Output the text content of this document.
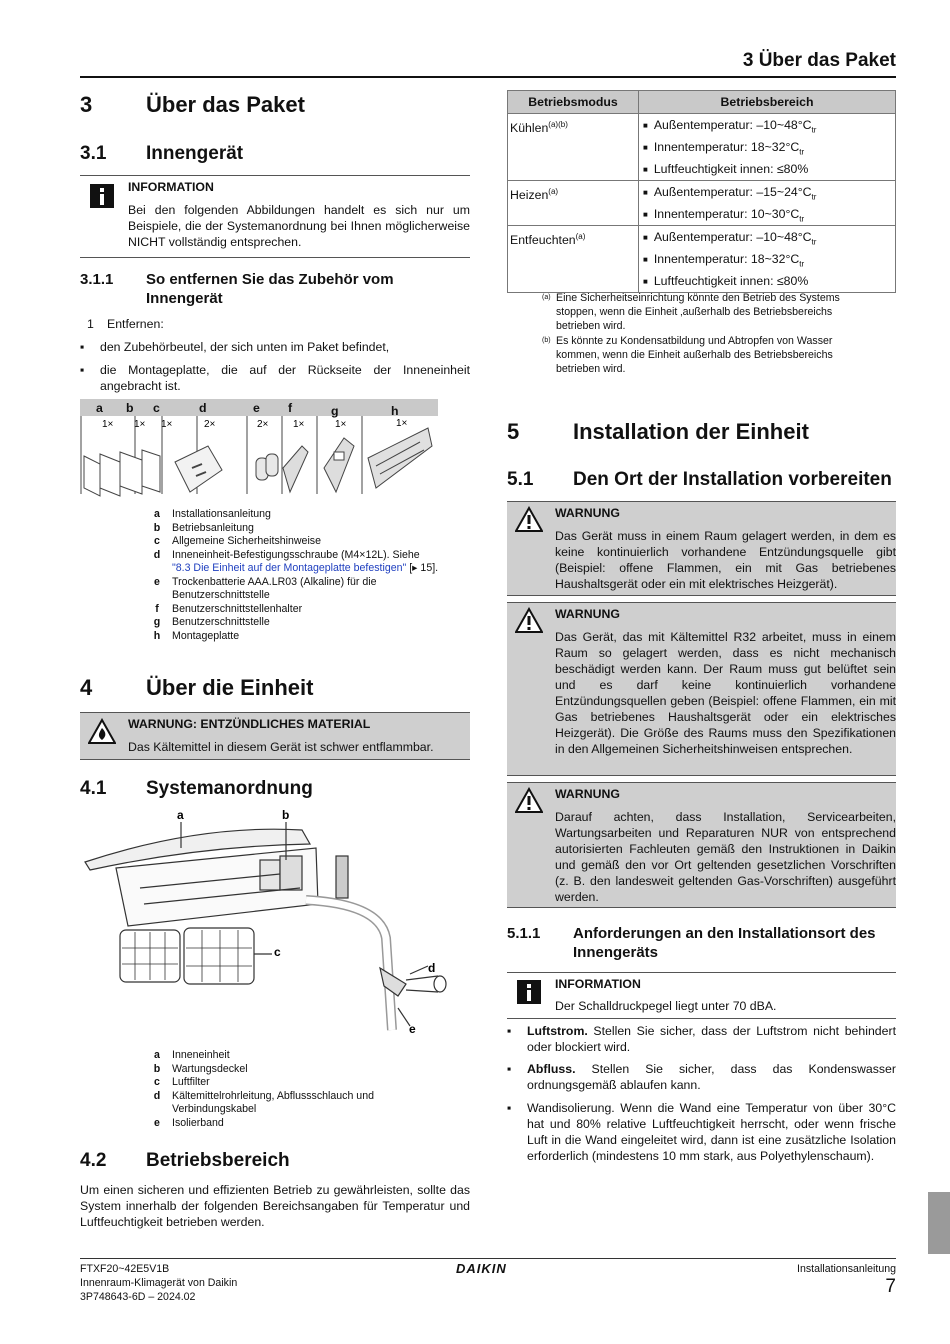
3 Über das Paket
3 Über das Paket
3.1 Innengerät
INFORMATION
Bei den folgenden Abbildungen handelt es sich nur um Beispiele, die der Systemanordnung bei Ihnen möglicherweise NICHT vollständig entsprechen.
3.1.1 So entfernen Sie das Zubehör vom
Innengerät
1 Entfernen:
▪ den Zubehörbeutel, der sich unten im Paket befindet,
▪ die Montageplatte, die auf der Rückseite der Inneneinheit angebracht ist.
a b c	d	e f	g	h
1× 1× 1×	2×	2× 1×	1×	1×
a	Installationsanleitung
b	Betriebsanleitung
c	Allgemeine Sicherheitshinweise
d	Inneneinheit-Befestigungsschraube (M4×12L). Siehe
"8.3 Die Einheit auf der Montageplatte befestigen" [▸ 15].
e	Trockenbatterie AAA.LR03 (Alkaline) für die
Benutzerschnittstelle
f	Benutzerschnittstellenhalter
g	Benutzerschnittstelle
h	Montageplatte
4 Über die Einheit
WARNUNG: ENTZÜNDLICHES MATERIAL
Das Kältemittel in diesem Gerät ist schwer entflammbar.
4.1 Systemanordnung
a	b
c
d
e
a	Inneneinheit
b	Wartungsdeckel
c	Luftfilter
d	Kältemittelrohrleitung, Abflussschlauch und
Verbindungskabel
e	Isolierband
4.2 Betriebsbereich
Um einen sicheren und effizienten Betrieb zu gewährleisten, sollte das System innerhalb der folgenden Bereichsangaben für Temperatur und Luftfeuchtigkeit betrieben werden.
Betriebsmodus	Betriebsbereich

Kühlen$^{(a)(b)}$	■ Außentemperatur: $-10\sim 48^\circ C_{tr}$
■ Innentemperatur: $18\sim 32^\circ C_{tr}$
■ Luftfeuchtigkeit innen: ≤80%

Heizen$^{(a)}$	■ Außentemperatur: $-15\sim 24^\circ C_{tr}$
■ Innentemperatur: $10\sim 30^\circ C_{tr}$

Entfeuchten$^{(a)}$	■ Außentemperatur: $-10\sim 48^\circ C_{tr}$
■ Innentemperatur: $18\sim 32^\circ C_{tr}$
■ Luftfeuchtigkeit innen: ≤80%
(a) Eine Sicherheitseinrichtung könnte den Betrieb des Systems stoppen, wenn die Einheit ‚außerhalb des Betriebsbereichs betrieben wird.
(b) Es könnte zu Kondensatbildung und Abtropfen von Wasser kommen, wenn die Einheit außerhalb des Betriebsbereichs betrieben wird.
5 Installation der Einheit
5.1 Den Ort der Installation vorbereiten
WARNUNG
Das Gerät muss in einem Raum gelagert werden, in dem es keine kontinuierlich vorhandene Entzündungsquelle gibt (Beispiel: offene Flammen, ein mit Gas betriebenes Haushaltsgerät oder ein mit elektrisches Heizgerät).
WARNUNG
Das Gerät, das mit Kältemittel R32 arbeitet, muss in einem Raum so gelagert werden, dass es nicht mechanisch beschädigt werden kann. Der Raum muss gut belüftet sein und es darf keine kontinuierlich vorhandene Entzündungsquellen geben (Beispiel: offene Flammen, ein mit Gas betriebenes Haushaltsgerät oder ein elektrisches Heizgerät). Die Größe des Raums muss den Spezifikationen in den Allgemeinen Sicherheitshinweisen entsprechen.
WARNUNG
Darauf achten, dass Installation, Servicearbeiten, Wartungsarbeiten und Reparaturen NUR von entsprechend autorisierten Fachleuten gemäß den Instruktionen in Daikin und gemäß den vor Ort geltenden gesetzlichen Vorschriften (z. B. den landesweit geltenden Gas-Vorschriften) ausgeführt werden.
5.1.1 Anforderungen an den Installationsort des
Innengeräts
INFORMATION
Der Schalldruckpegel liegt unter 70 dBA.
▪ Luftstrom. Stellen Sie sicher, dass der Luftstrom nicht behindert oder blockiert wird.
▪ Abfluss. Stellen Sie sicher, dass das Kondenswasser ordnungsgemäß ablaufen kann.
▪ Wandisolierung. Wenn die Wand eine Temperatur von über 30°C hat und 80% relative Luftfeuchtigkeit herrscht, oder wenn frische Luft in die Wand eingeleitet wird, dann ist eine zusätzliche Isolation erforderlich (mindestens 10 mm stark, aus Polyethylenschaum).
FTXF20~42E5V1B
Innenraum-Klimagerät von Daikin
3P748643-6D – 2024.02
DAIKIN	Installationsanleitung
7
